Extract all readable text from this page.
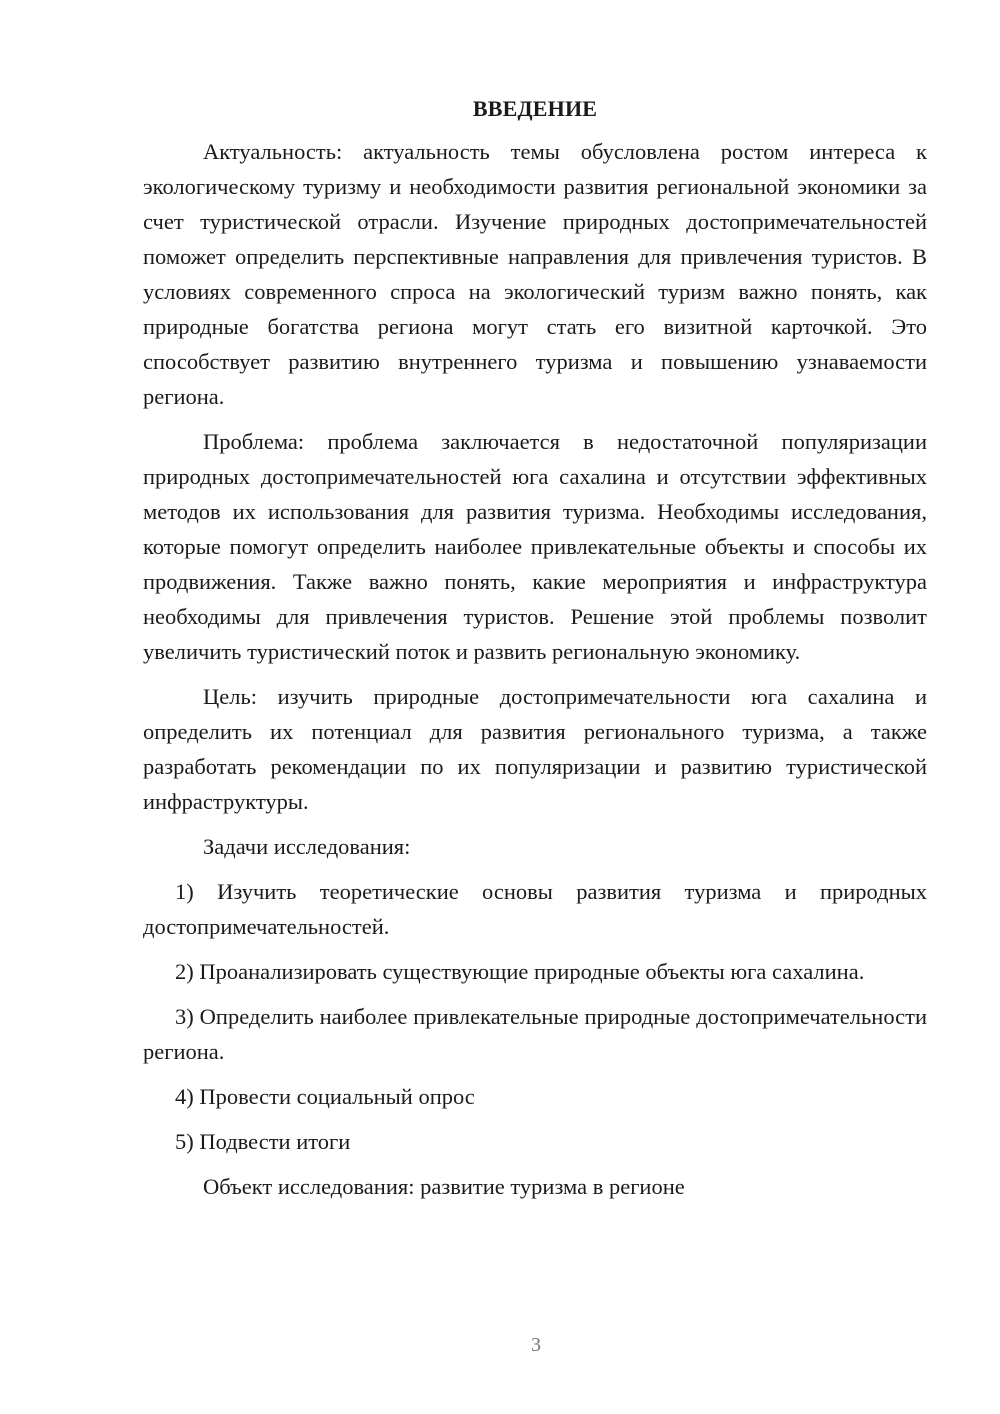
ВВЕДЕНИЕ

Актуальность: актуальность темы обусловлена ростом интереса к экологическому туризму и необходимости развития региональной экономики за счет туристической отрасли. Изучение природных достопримечательностей поможет определить перспективные направления для привлечения туристов. В условиях современного спроса на экологический туризм важно понять, как природные богатства региона могут стать его визитной карточкой. Это способствует развитию внутреннего туризма и повышению узнаваемости региона.

Проблема: проблема заключается в недостаточной популяризации природных достопримечательностей юга сахалина и отсутствии эффективных методов их использования для развития туризма. Необходимы исследования, которые помогут определить наиболее привлекательные объекты и способы их продвижения. Также важно понять, какие мероприятия и инфраструктура необходимы для привлечения туристов. Решение этой проблемы позволит увеличить туристический поток и развить региональную экономику.

Цель: изучить природные достопримечательности юга сахалина и определить их потенциал для развития регионального туризма, а также разработать рекомендации по их популяризации и развитию туристической инфраструктуры.

Задачи исследования:

1) Изучить теоретические основы развития туризма и природных достопримечательностей.

2) Проанализировать существующие природные объекты юга сахалина.

3) Определить наиболее привлекательные природные достопримечательности региона.

4) Провести социальный опрос

5) Подвести итоги

Объект исследования: развитие туризма в регионе

3
